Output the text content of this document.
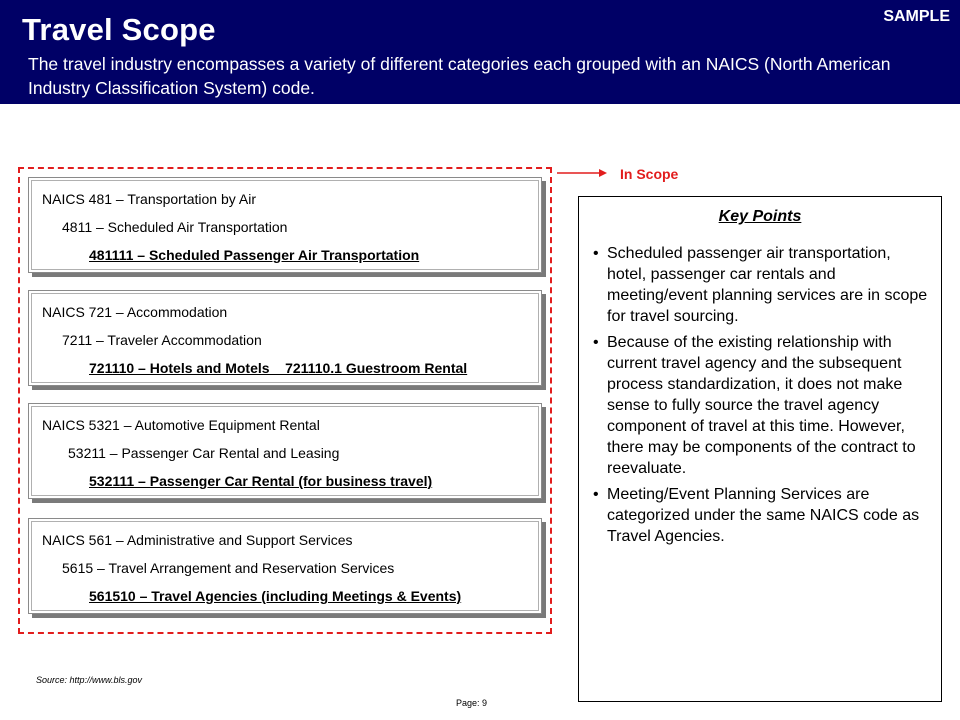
Travel Scope	SAMPLE
The travel industry encompasses a variety of different categories each grouped with an NAICS (North American Industry Classification System) code.
NAICS 481 – Transportation by Air
4811 – Scheduled Air Transportation
481111 – Scheduled Passenger Air Transportation
NAICS 721 – Accommodation
7211 – Traveler Accommodation
721110 – Hotels and Motels    721110.1 Guestroom Rental
NAICS 5321 – Automotive Equipment Rental
53211 – Passenger Car Rental and Leasing
532111 – Passenger Car Rental (for business travel)
NAICS 561 – Administrative and Support Services
5615 – Travel Arrangement and Reservation Services
561510 – Travel Agencies (including Meetings & Events)
In Scope
Key Points
• Scheduled passenger air transportation, hotel, passenger car rentals and meeting/event planning services are in scope for travel sourcing.
• Because of the existing relationship with current travel agency and the subsequent process standardization, it does not make sense to fully source the travel agency component of travel at this time. However, there may be components of the contract to reevaluate.
• Meeting/Event Planning Services are categorized under the same NAICS code as Travel Agencies.
Source: http://www.bls.gov
Page: 9
